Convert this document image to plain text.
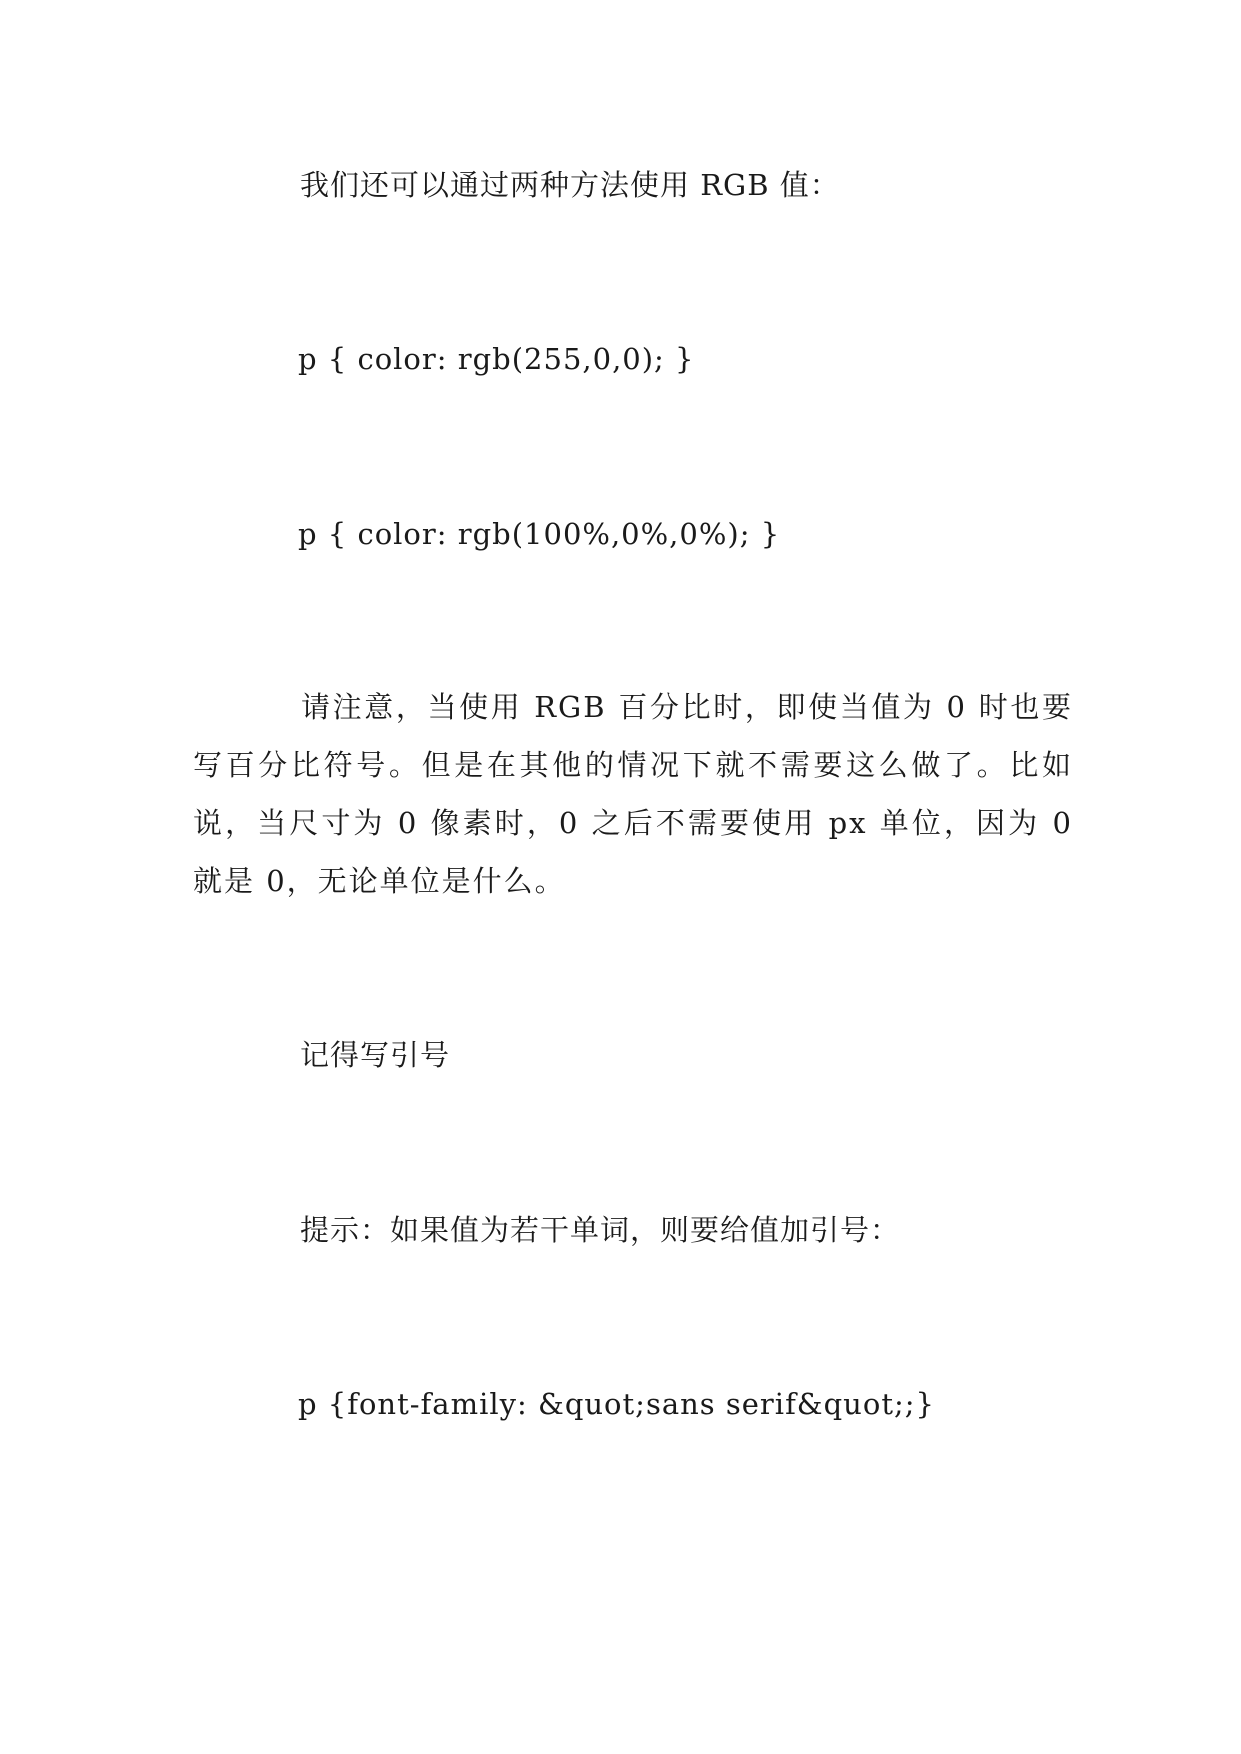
我们还可以通过两种方法使用 RGB 值：

p { color: rgb(255,0,0); }

p { color: rgb(100%,0%,0%); }

请注意，当使用 RGB 百分比时，即使当值为 0 时也要写百分比符号。但是在其他的情况下就不需要这么做了。比如说，当尺寸为 0 像素时，0 之后不需要使用 px 单位，因为 0 就是 0，无论单位是什么。

记得写引号

提示：如果值为若干单词，则要给值加引号：

p {font-family: &quot;sans serif&quot;;}
